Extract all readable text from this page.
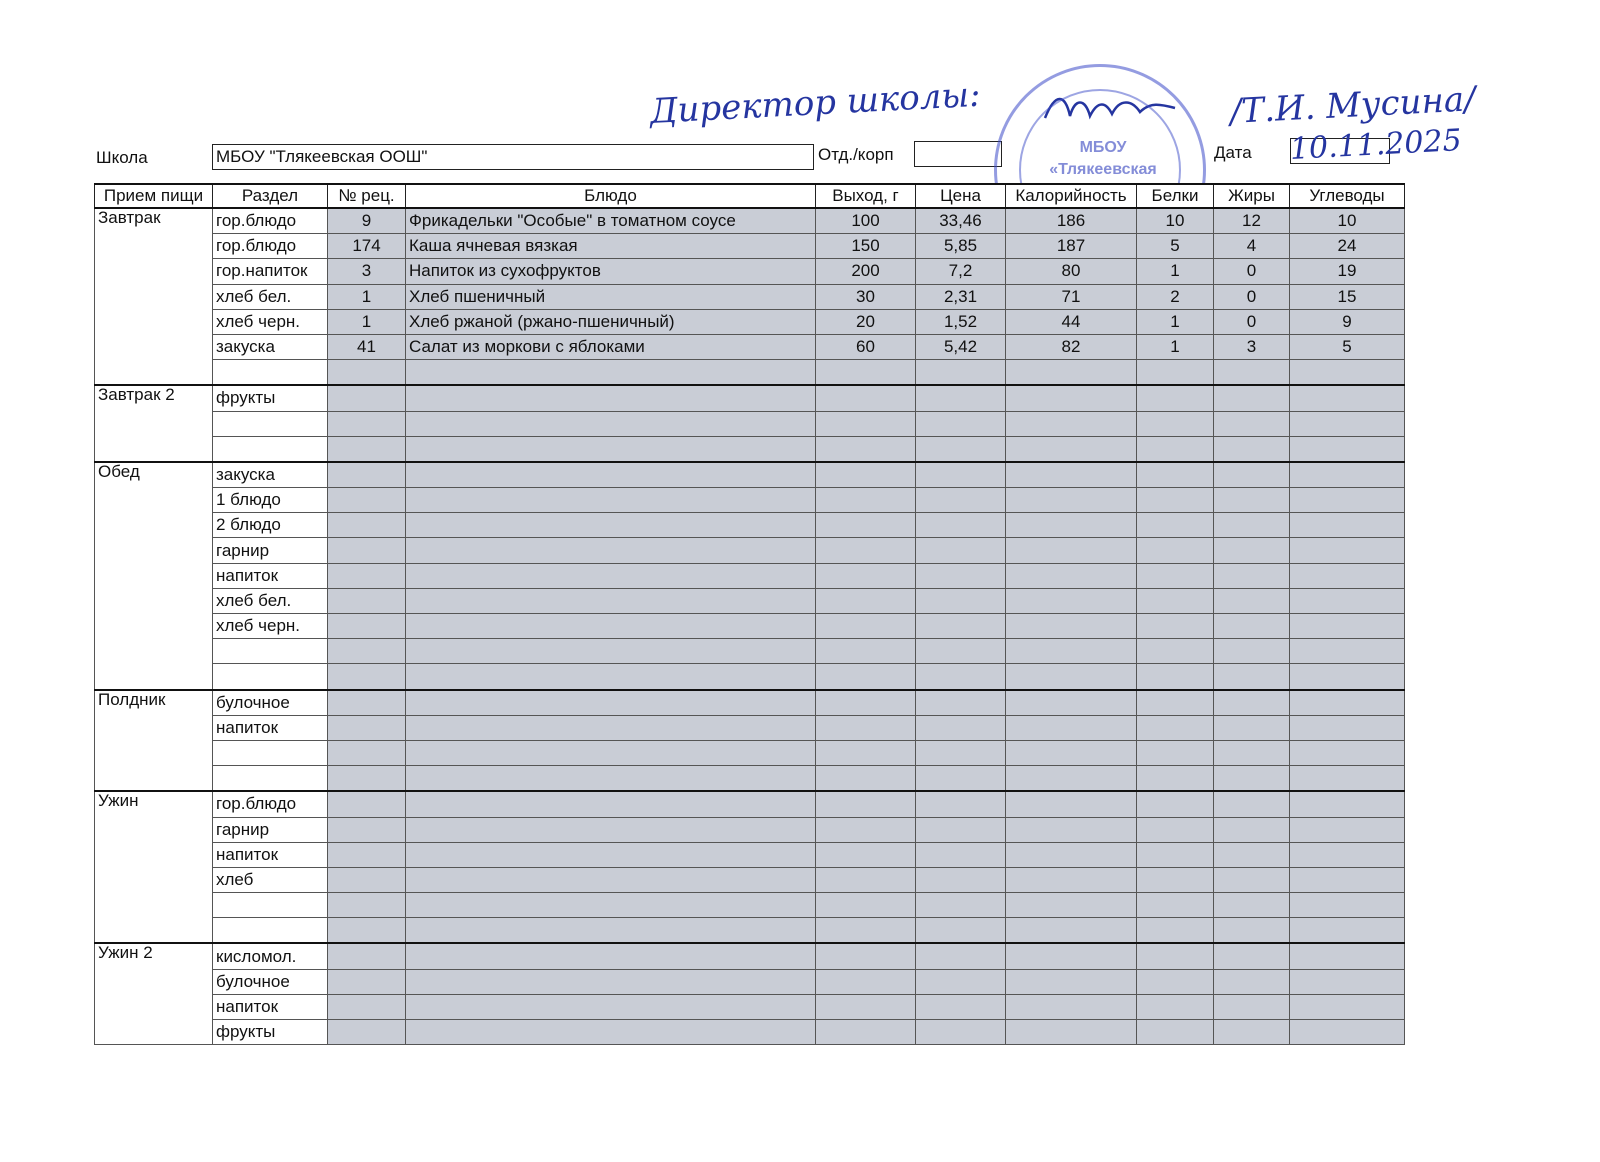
Школа	МБОУ "Тлякеевская ООШ"	Отд./корп	Дата 10.11.2025
Директор школы:	/Т.И. Мусина/
МБОУ
«Тлякеевская
Прием пищи	Раздел	№ рец.	Блюдо	Выход, г	Цена	Калорийность	Белки	Жиры	Углеводы
Завтрак	гор.блюдо	9	Фрикадельки "Особые" в томатном соусе	100	33,46	186	10	12	10
	гор.блюдо	174	Каша ячневая вязкая	150	5,85	187	5	4	24
	гор.напиток	3	Напиток из сухофруктов	200	7,2	80	1	0	19
	хлеб бел.	1	Хлеб пшеничный	30	2,31	71	2	0	15
	хлеб черн.	1	Хлеб ржаной (ржано-пшеничный)	20	1,52	44	1	0	9
	закуска	41	Салат из моркови с яблоками	60	5,42	82	1	3	5

Завтрак 2	фрукты								

Обед	закуска								
	1 блюдо								
	2 блюдо								
	гарнир								
	напиток								
	хлеб бел.								
	хлеб черн.								

Полдник	булочное								
	напиток								

Ужин	гор.блюдо								
	гарнир								
	напиток								
	хлеб								

Ужин 2	кисломол.								
	булочное								
	напиток								
	фрукты								
